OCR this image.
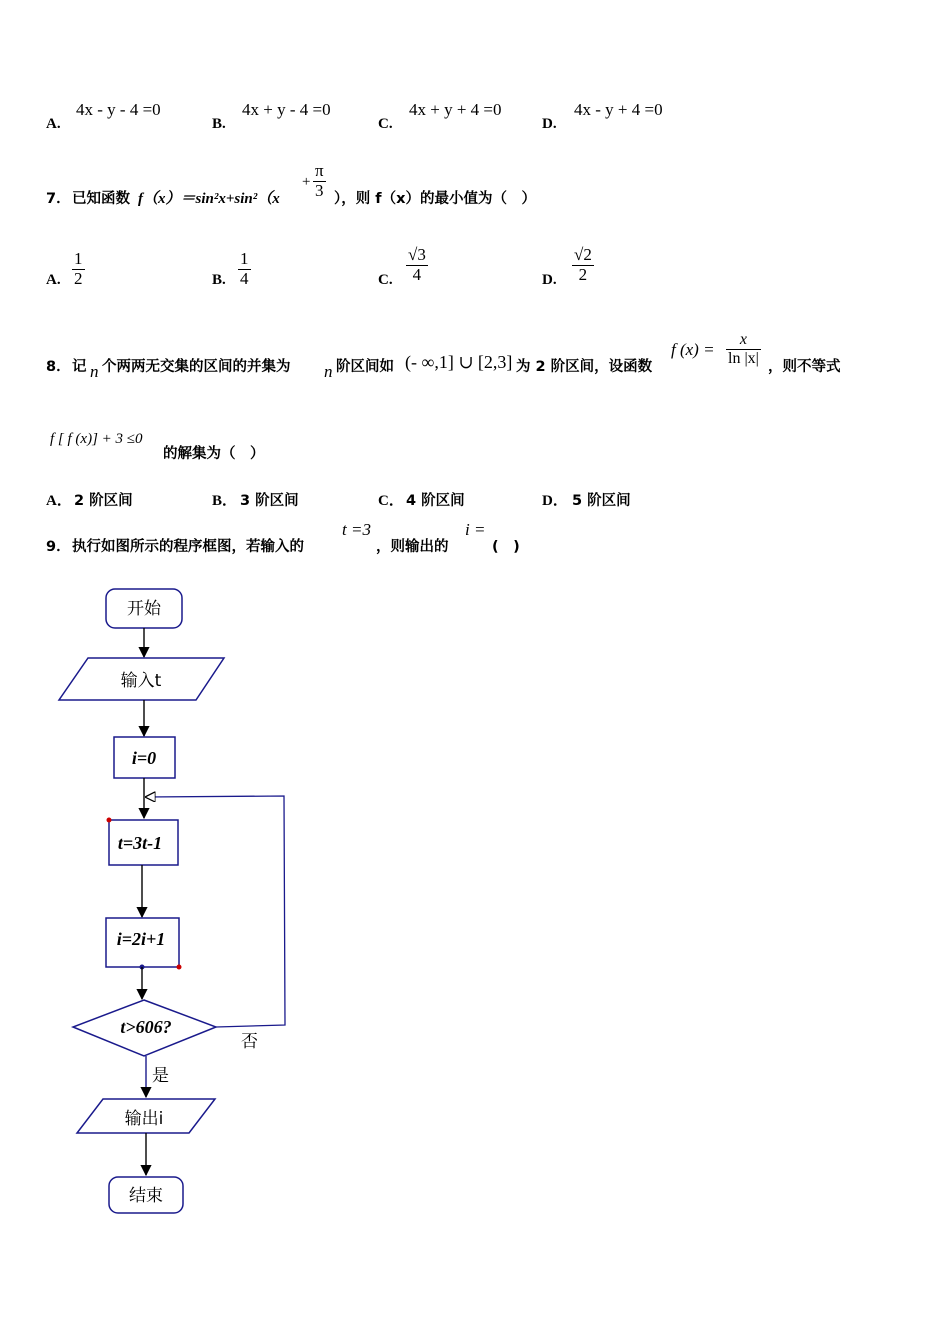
A.
4x - y - 4 =0
B.
4x + y - 4 =0
C.
4x + y + 4 =0
D.
4x - y + 4 =0
7． 已知函数 f（x）＝sin²x+sin²（x
+ $\frac{\pi}{3}$ ），则 f（x）的最小值为（　）
A. $\frac{1}{2}$	B. $\frac{1}{4}$	C. $\frac{√3}{4}$	D. $\frac{√2}{2}$
8． 记 n 个两两无交集的区间的并集为 n 阶区间如 (- ∞,1] ∪ [2,3] 为 2 阶区间，设函数
f $(x) = \frac{x}{\ln |x|}$ ，则不等式
f [ f (x)] + 3 ≤0
的解集为（　）
A． 2 阶区间	B． 3 阶区间	C． 4 阶区间	D． 5 阶区间
9． 执行如图所示的程序框图，若输入的
t =3
，则输出的
i =
(　)
开始
输入t
i=0
t=3t-1
i=2i+1
t>606?
否
是
输出i
结束
